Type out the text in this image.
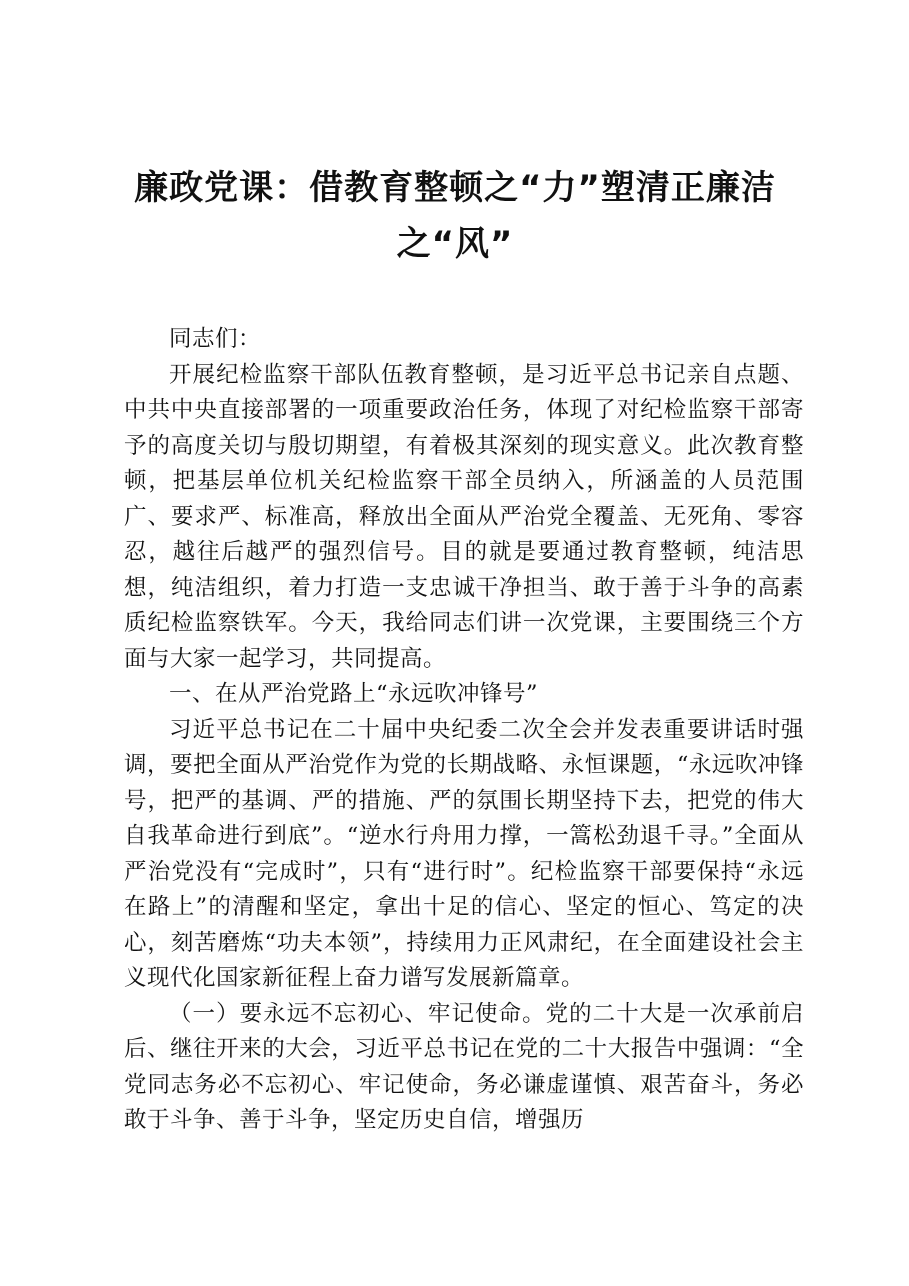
廉政党课：借教育整顿之“力”塑清正廉洁之“风”

同志们：

开展纪检监察干部队伍教育整顿，是习近平总书记亲自点题、中共中央直接部署的一项重要政治任务，体现了对纪检监察干部寄予的高度关切与殷切期望，有着极其深刻的现实意义。此次教育整顿，把基层单位机关纪检监察干部全员纳入，所涵盖的人员范围广、要求严、标准高，释放出全面从严治党全覆盖、无死角、零容忍，越往后越严的强烈信号。目的就是要通过教育整顿，纯洁思想，纯洁组织，着力打造一支忠诚干净担当、敢于善于斗争的高素质纪检监察铁军。今天，我给同志们讲一次党课，主要围绕三个方面与大家一起学习，共同提高。

一、在从严治党路上“永远吹冲锋号”

习近平总书记在二十届中央纪委二次全会并发表重要讲话时强调，要把全面从严治党作为党的长期战略、永恒课题，“永远吹冲锋号，把严的基调、严的措施、严的氛围长期坚持下去，把党的伟大自我革命进行到底”。“逆水行舟用力撑，一篙松劲退千寻。”全面从严治党没有“完成时”，只有“进行时”。纪检监察干部要保持“永远在路上”的清醒和坚定，拿出十足的信心、坚定的恒心、笃定的决心，刻苦磨炼“功夫本领”，持续用力正风肃纪，在全面建设社会主义现代化国家新征程上奋力谱写发展新篇章。

（一）要永远不忘初心、牢记使命。党的二十大是一次承前启后、继往开来的大会，习近平总书记在党的二十大报告中强调：“全党同志务必不忘初心、牢记使命，务必谦虚谨慎、艰苦奋斗，务必敢于斗争、善于斗争，坚定历史自信，增强历
